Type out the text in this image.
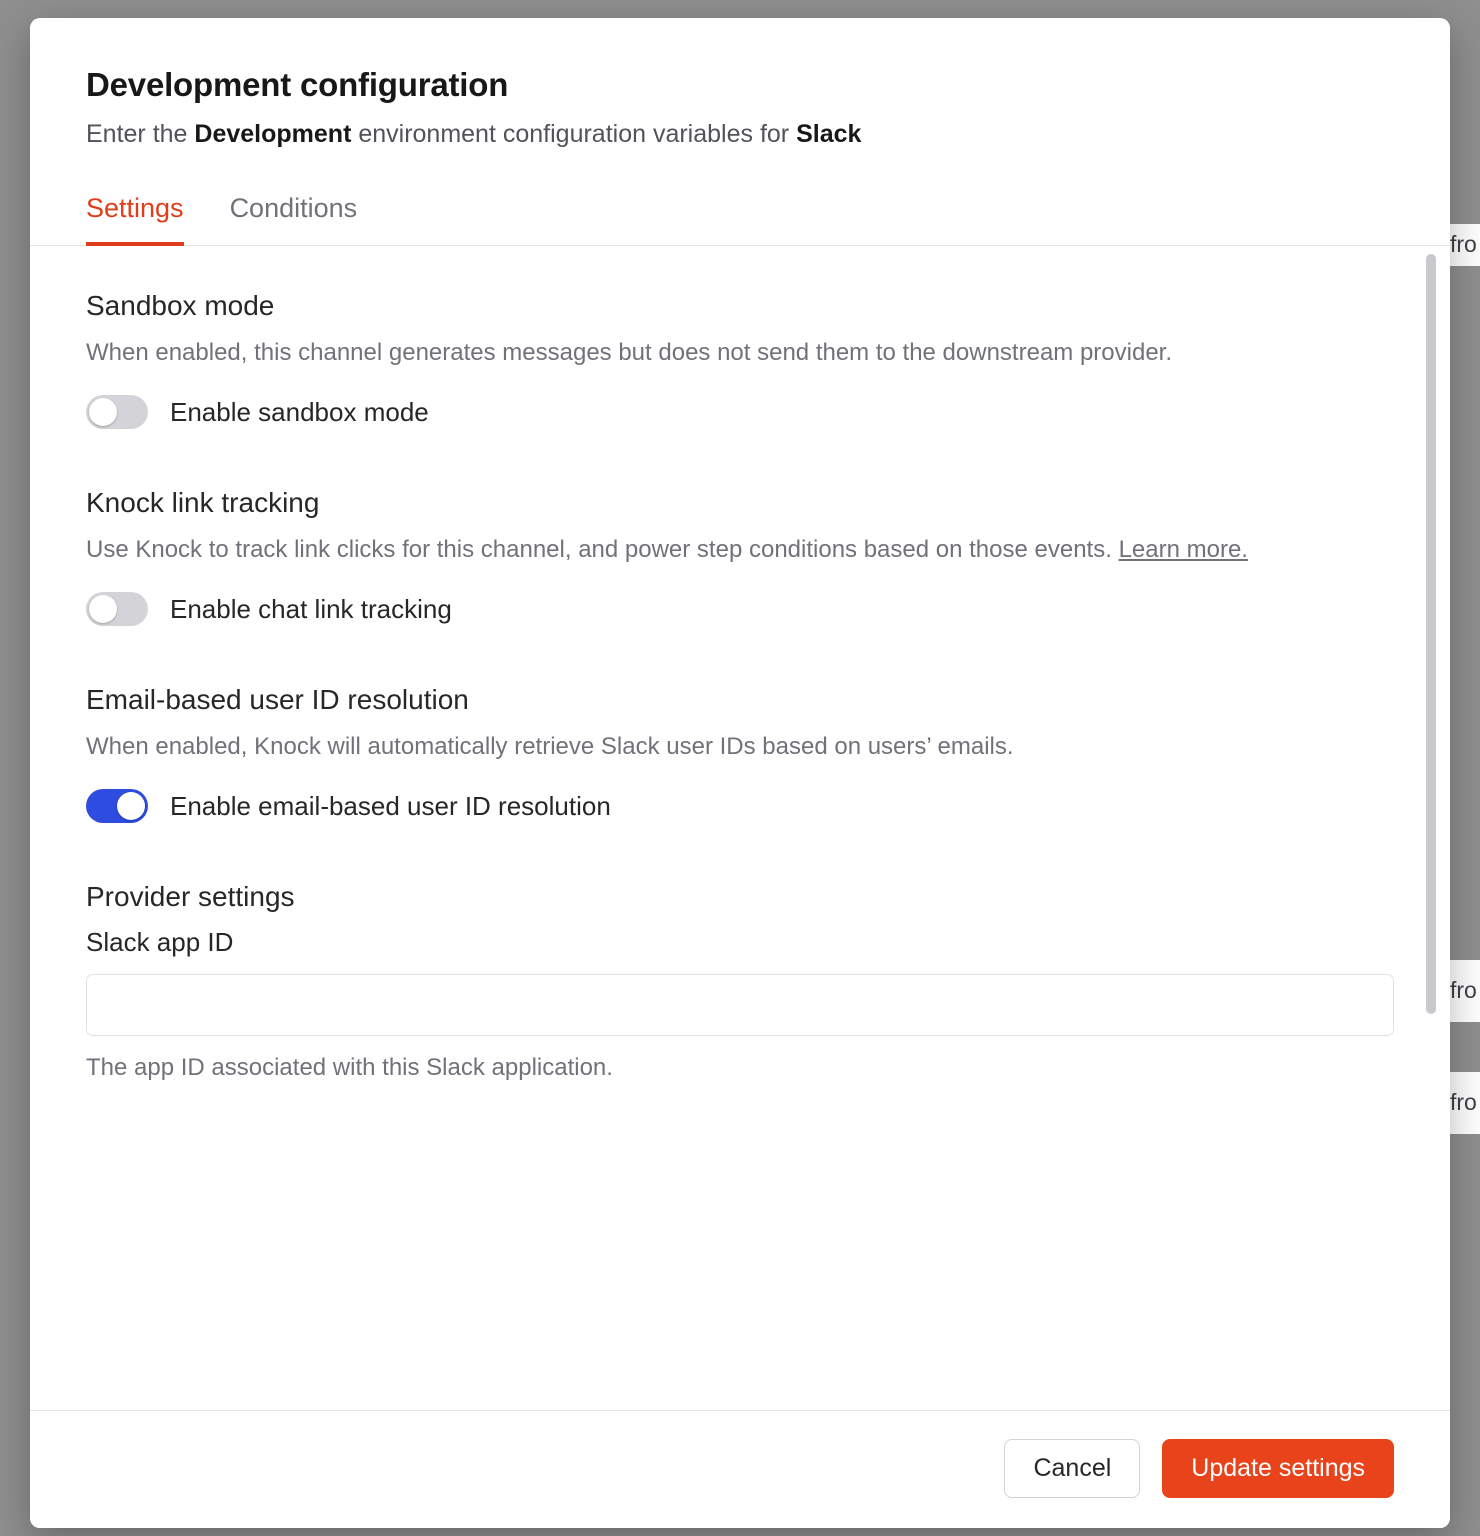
fro
fro
fro
Development configuration

Enter the Development environment configuration variables for Slack

Settings Conditions
Sandbox mode

When enabled, this channel generates messages but does not send them to the downstream provider.

Enable sandbox mode
Knock link tracking

Use Knock to track link clicks for this channel, and power step conditions based on those events. Learn more.

Enable chat link tracking
Email-based user ID resolution

When enabled, Knock will automatically retrieve Slack user IDs based on users’ emails.

Enable email-based user ID resolution
Provider settings

Slack app ID

The app ID associated with this Slack application.

Cancel	Update settings
